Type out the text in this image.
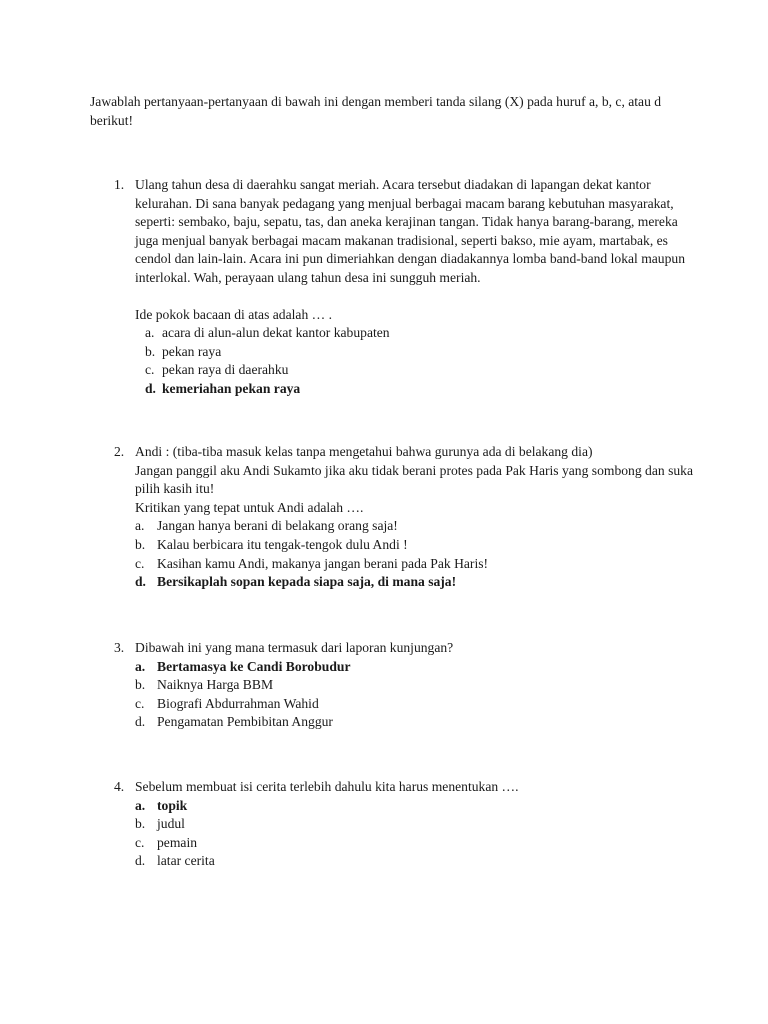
Jawablah pertanyaan-pertanyaan di bawah ini dengan memberi tanda silang (X) pada huruf a, b, c, atau d berikut!

1. Ulang tahun desa di daerahku sangat meriah. Acara tersebut diadakan di lapangan dekat kantor kelurahan. Di sana banyak pedagang yang menjual berbagai macam barang kebutuhan masyarakat, seperti: sembako, baju, sepatu, tas, dan aneka kerajinan tangan. Tidak hanya barang-barang, mereka juga menjual banyak berbagai macam makanan tradisional, seperti bakso, mie ayam, martabak, es cendol dan lain-lain. Acara ini pun dimeriahkan dengan diadakannya lomba band-band lokal maupun interlokal. Wah, perayaan ulang tahun desa ini sungguh meriah.

Ide pokok bacaan di atas adalah … .

a. acara di alun-alun dekat kantor kabupaten
b. pekan raya
c. pekan raya di daerahku
d. kemeriahan pekan raya
2. Andi : (tiba-tiba masuk kelas tanpa mengetahui bahwa gurunya ada di belakang dia)

Jangan panggil aku Andi Sukamto jika aku tidak berani protes pada Pak Haris yang sombong dan suka pilih kasih itu!

Kritikan yang tepat untuk Andi adalah ….

a. Jangan hanya berani di belakang orang saja!
b. Kalau berbicara itu tengak-tengok dulu Andi !
c. Kasihan kamu Andi, makanya jangan berani pada Pak Haris!
d. Bersikaplah sopan kepada siapa saja, di mana saja!
3. Dibawah ini yang mana termasuk dari laporan kunjungan?

a. Bertamasya ke Candi Borobudur
b. Naiknya Harga BBM
c. Biografi Abdurrahman Wahid
d. Pengamatan Pembibitan Anggur
4. Sebelum membuat isi cerita terlebih dahulu kita harus menentukan ….

a. topik
b. judul
c. pemain
d. latar cerita
